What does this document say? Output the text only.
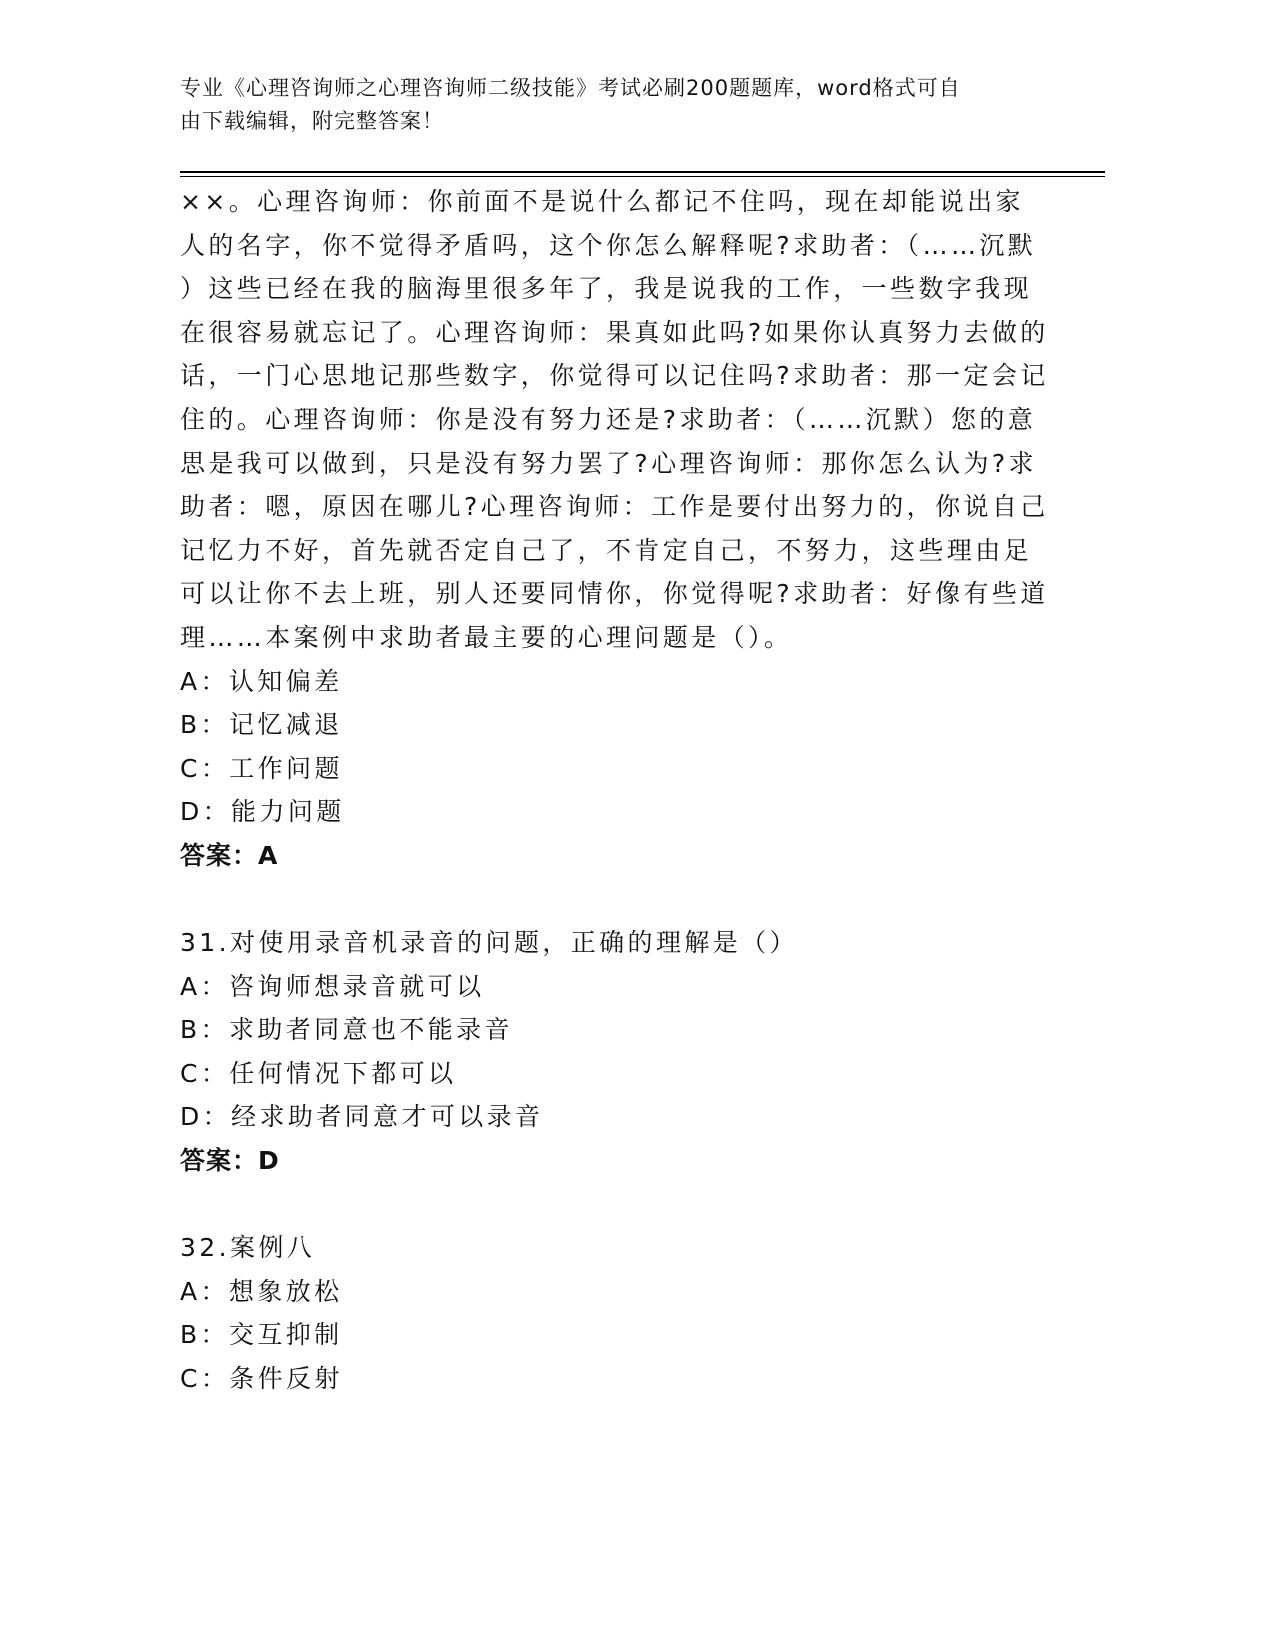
专业《心理咨询师之心理咨询师二级技能》考试必刷200题题库，word格式可自
由下载编辑，附完整答案！
××。心理咨询师：你前面不是说什么都记不住吗，现在却能说出家
人的名字，你不觉得矛盾吗，这个你怎么解释呢?求助者：（……沉默
）这些已经在我的脑海里很多年了，我是说我的工作，一些数字我现
在很容易就忘记了。心理咨询师：果真如此吗?如果你认真努力去做的
话，一门心思地记那些数字，你觉得可以记住吗?求助者：那一定会记
住的。心理咨询师：你是没有努力还是?求助者：（……沉默）您的意
思是我可以做到，只是没有努力罢了?心理咨询师：那你怎么认为?求
助者：嗯，原因在哪儿?心理咨询师：工作是要付出努力的，你说自己
记忆力不好，首先就否定自己了，不肯定自己，不努力，这些理由足
可以让你不去上班，别人还要同情你，你觉得呢?求助者：好像有些道
理……本案例中求助者最主要的心理问题是（）。
A：认知偏差
B：记忆减退
C：工作问题
D：能力问题
答案：A
31.对使用录音机录音的问题，正确的理解是（）
A：咨询师想录音就可以
B：求助者同意也不能录音
C：任何情况下都可以
D：经求助者同意才可以录音
答案：D
32.案例八
A：想象放松
B：交互抑制
C：条件反射
